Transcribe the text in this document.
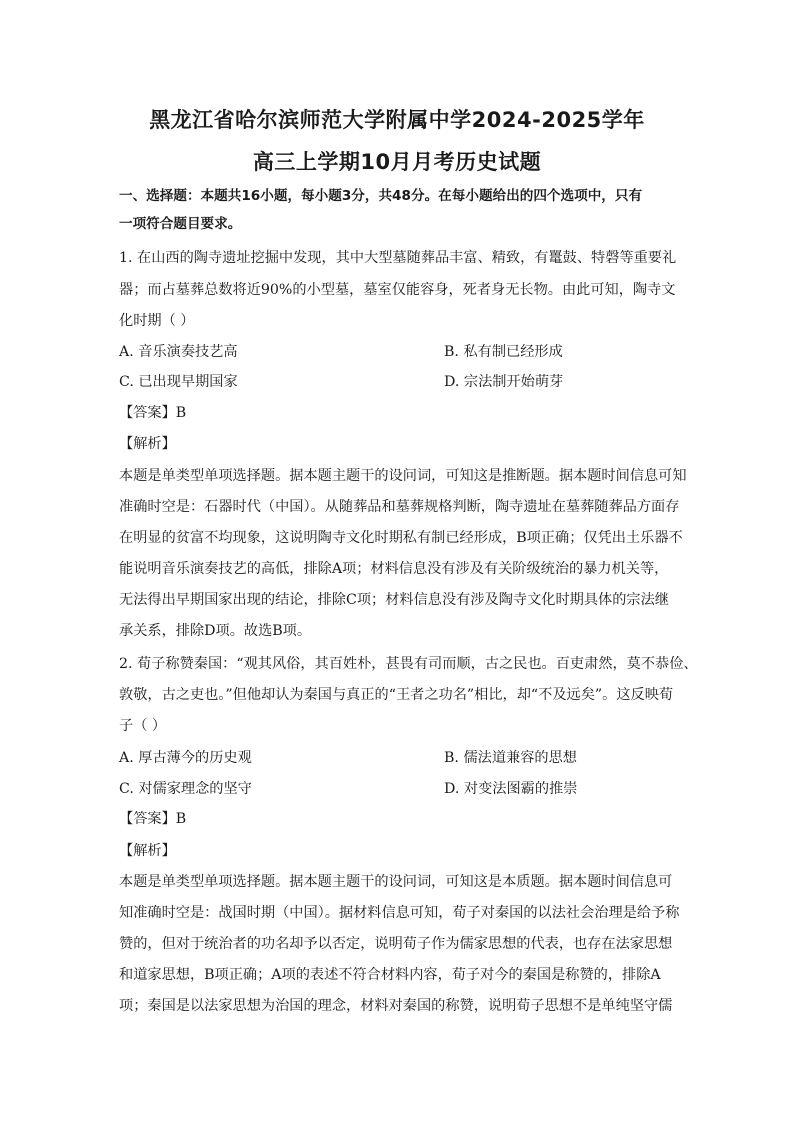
黑龙江省哈尔滨师范大学附属中学2024-2025学年
高三上学期10月月考历史试题
一、选择题：本题共16小题，每小题3分，共48分。在每小题给出的四个选项中，只有
一项符合题目要求。
1. 在山西的陶寺遗址挖掘中发现，其中大型墓随葬品丰富、精致，有鼍鼓、特磬等重要礼
器；而占墓葬总数将近90%的小型墓，墓室仅能容身，死者身无长物。由此可知，陶寺文
化时期（ ）
A. 音乐演奏技艺高	B. 私有制已经形成
C. 已出现早期国家	D. 宗法制开始萌芽
【答案】B
【解析】
本题是单类型单项选择题。据本题主题干的设问词，可知这是推断题。据本题时间信息可知
准确时空是：石器时代（中国）。从随葬品和墓葬规格判断，陶寺遗址在墓葬随葬品方面存
在明显的贫富不均现象，这说明陶寺文化时期私有制已经形成，B项正确；仅凭出土乐器不
能说明音乐演奏技艺的高低，排除A项；材料信息没有涉及有关阶级统治的暴力机关等，
无法得出早期国家出现的结论，排除C项；材料信息没有涉及陶寺文化时期具体的宗法继
承关系，排除D项。故选B项。
2. 荀子称赞秦国：“观其风俗，其百姓朴，甚畏有司而顺，古之民也。百吏肃然，莫不恭俭、
敦敬，古之吏也。”但他却认为秦国与真正的“王者之功名”相比，却“不及远矣”。这反映荀
子（ ）
A. 厚古薄今的历史观	B. 儒法道兼容的思想
C. 对儒家理念的坚守	D. 对变法图霸的推崇
【答案】B
【解析】
本题是单类型单项选择题。据本题主题干的设问词，可知这是本质题。据本题时间信息可
知准确时空是：战国时期（中国）。据材料信息可知，荀子对秦国的以法社会治理是给予称
赞的，但对于统治者的功名却予以否定，说明荀子作为儒家思想的代表，也存在法家思想
和道家思想，B项正确；A项的表述不符合材料内容，荀子对今的秦国是称赞的，排除A
项；秦国是以法家思想为治国的理念，材料对秦国的称赞，说明荀子思想不是单纯坚守儒
